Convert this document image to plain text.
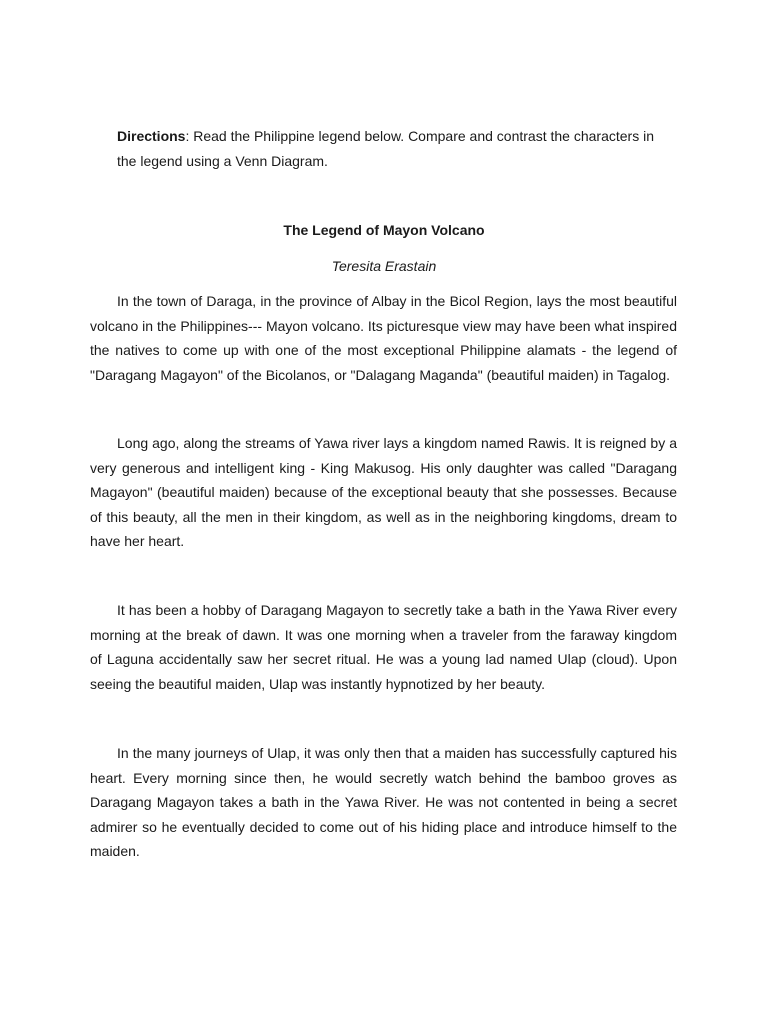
Directions: Read the Philippine legend below. Compare and contrast the characters in the legend using a Venn Diagram.

The Legend of Mayon Volcano

Teresita Erastain

In the town of Daraga, in the province of Albay in the Bicol Region, lays the most beautiful volcano in the Philippines--- Mayon volcano. Its picturesque view may have been what inspired the natives to come up with one of the most exceptional Philippine alamats - the legend of "Daragang Magayon" of the Bicolanos, or "Dalagang Maganda" (beautiful maiden) in Tagalog.

Long ago, along the streams of Yawa river lays a kingdom named Rawis. It is reigned by a very generous and intelligent king - King Makusog. His only daughter was called "Daragang Magayon" (beautiful maiden) because of the exceptional beauty that she possesses. Because of this beauty, all the men in their kingdom, as well as in the neighboring kingdoms, dream to have her heart.

It has been a hobby of Daragang Magayon to secretly take a bath in the Yawa River every morning at the break of dawn. It was one morning when a traveler from the faraway kingdom of Laguna accidentally saw her secret ritual. He was a young lad named Ulap (cloud). Upon seeing the beautiful maiden, Ulap was instantly hypnotized by her beauty.

In the many journeys of Ulap, it was only then that a maiden has successfully captured his heart. Every morning since then, he would secretly watch behind the bamboo groves as Daragang Magayon takes a bath in the Yawa River. He was not contented in being a secret admirer so he eventually decided to come out of his hiding place and introduce himself to the maiden.
